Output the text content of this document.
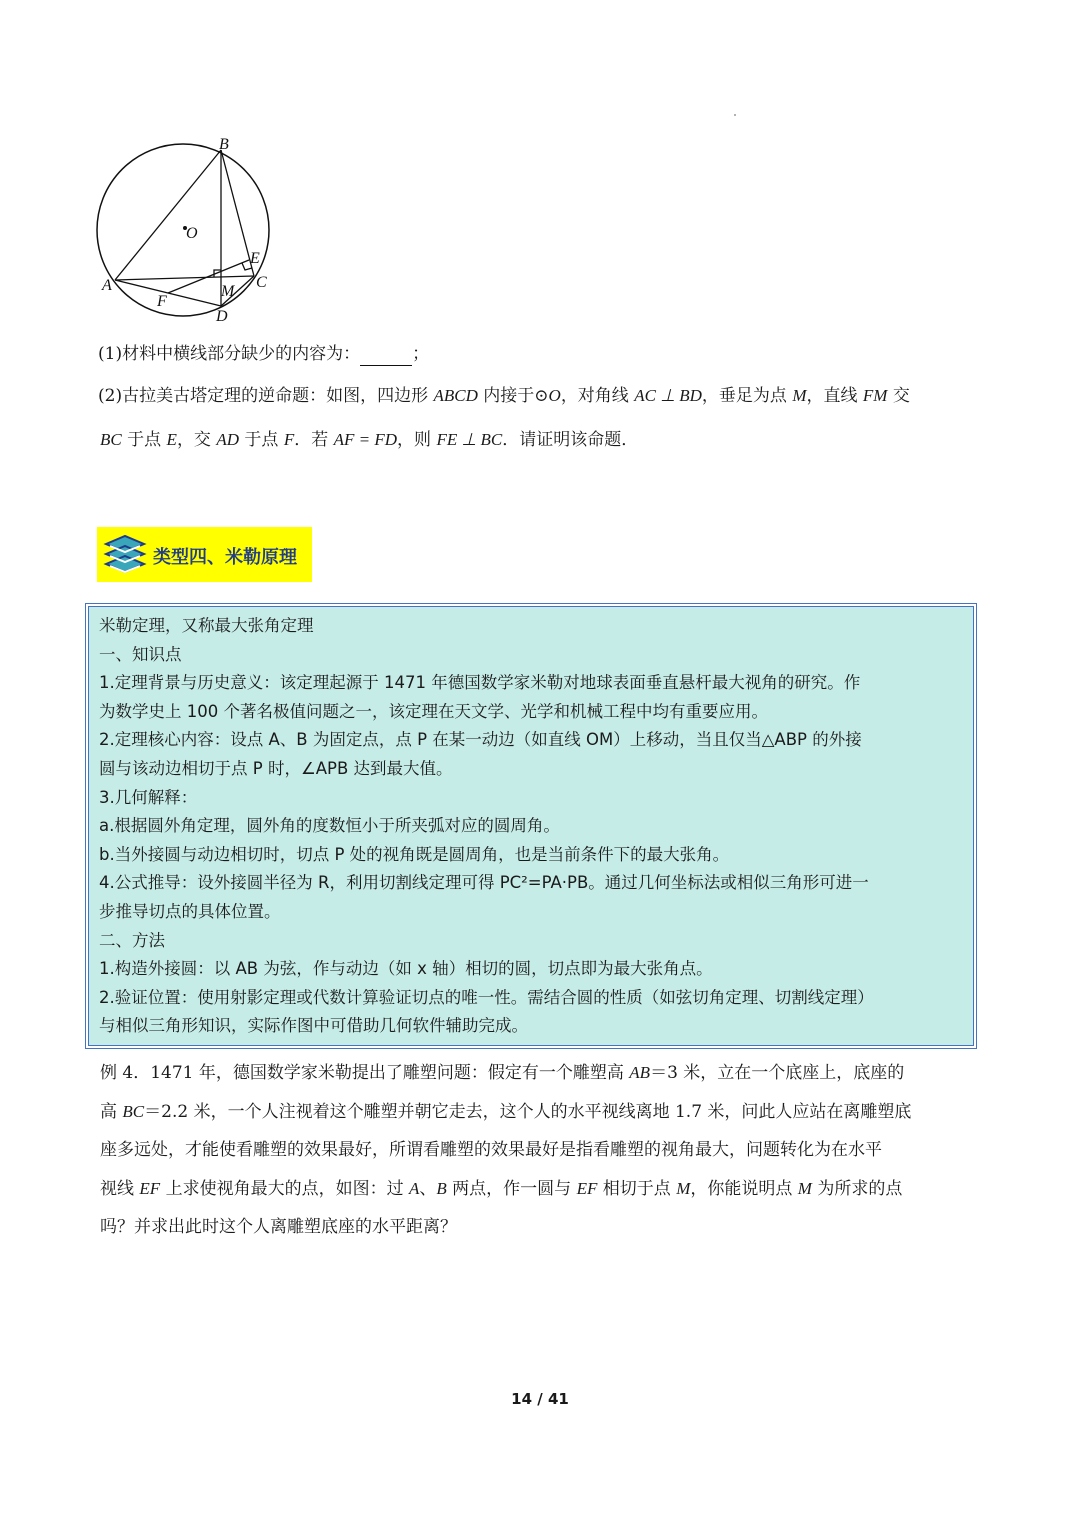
B
O
E
C
A	M
F
D
(1)材料中横线部分缺少的内容为：	；
(2)古拉美古塔定理的逆命题：如图，四边形 ABCD 内接于⊙O，对角线 AC ⊥ BD，垂足为点 M，直线 FM 交
BC 于点 E，交 AD 于点 F．若 AF = FD，则 FE ⊥ BC．请证明该命题．
类型四、米勒原理
米勒定理，又称最大张角定理
一、知识点
1.定理背景与历史意义：该定理起源于 1471 年德国数学家米勒对地球表面垂直悬杆最大视角的研究。作
为数学史上 100 个著名极值问题之一，该定理在天文学、光学和机械工程中均有重要应用。
2.定理核心内容：设点 A、B 为固定点，点 P 在某一动边（如直线 OM）上移动，当且仅当△ABP 的外接
圆与该动边相切于点 P 时，∠APB 达到最大值。
3.几何解释：
a.根据圆外角定理，圆外角的度数恒小于所夹弧对应的圆周角。
b.当外接圆与动边相切时，切点 P 处的视角既是圆周角，也是当前条件下的最大张角。
4.公式推导：设外接圆半径为 R，利用切割线定理可得 PC²=PA·PB。通过几何坐标法或相似三角形可进一
步推导切点的具体位置。
二、方法
1.构造外接圆：以 AB 为弦，作与动边（如 x 轴）相切的圆，切点即为最大张角点。
2.验证位置：使用射影定理或代数计算验证切点的唯一性。需结合圆的性质（如弦切角定理、切割线定理）
与相似三角形知识，实际作图中可借助几何软件辅助完成。
例 4．1471 年，德国数学家米勒提出了雕塑问题：假定有一个雕塑高 AB＝3 米，立在一个底座上，底座的
高 BC＝2.2 米，一个人注视着这个雕塑并朝它走去，这个人的水平视线离地 1.7 米，问此人应站在离雕塑底
座多远处，才能使看雕塑的效果最好，所谓看雕塑的效果最好是指看雕塑的视角最大，问题转化为在水平
视线 EF 上求使视角最大的点，如图：过 A、B 两点，作一圆与 EF 相切于点 M，你能说明点 M 为所求的点
吗？并求出此时这个人离雕塑底座的水平距离？
14 / 41
